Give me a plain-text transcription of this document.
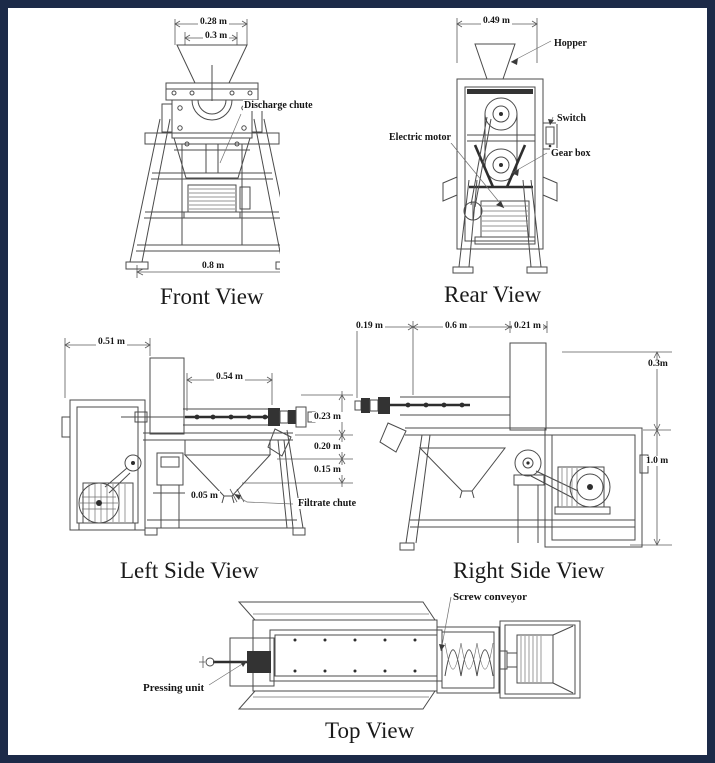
0.28 m
0.3 m
Discharge chute
0.8 m
Front View
0.49 m
Hopper
Switch
Gear box
Electric motor
Rear View
0.51 m
0.54 m
0.23 m
0.20 m
0.15 m
0.05 m
Filtrate chute
Left Side View
0.19 m	0.6 m	0.21 m
0.3m
1.0 m
Right Side View
Screw conveyor
Pressing unit
Top View
